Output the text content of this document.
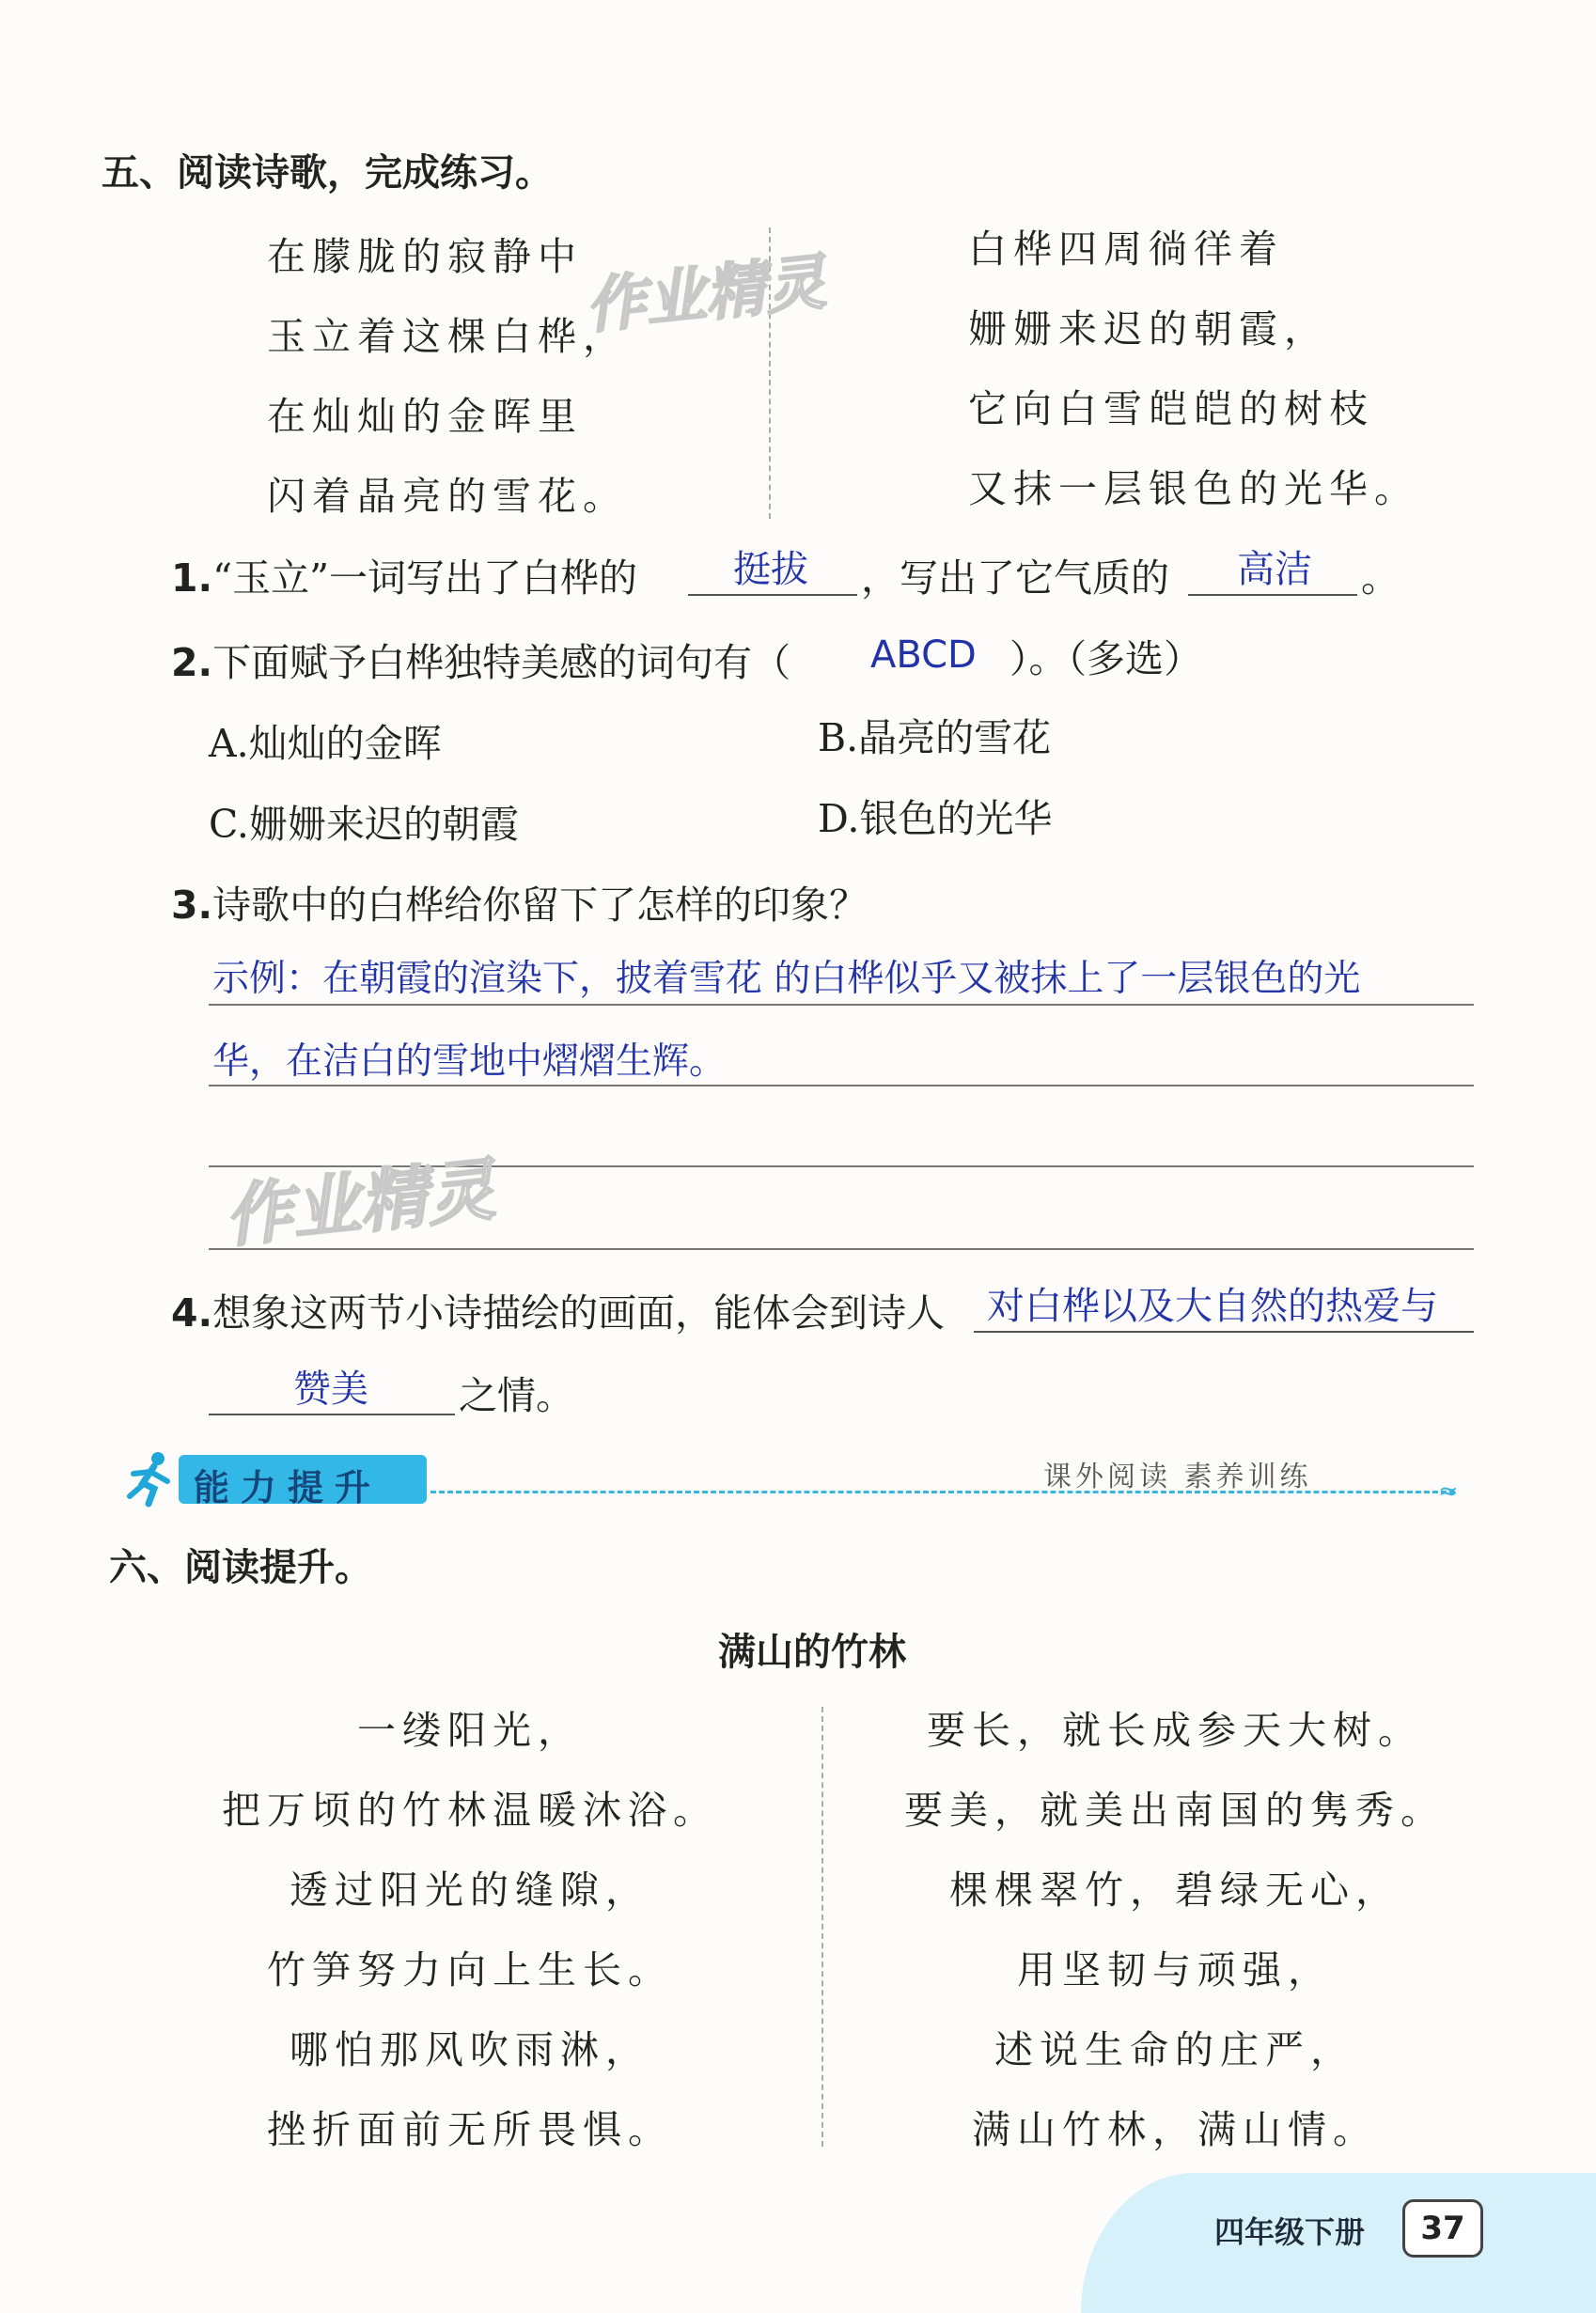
五、阅读诗歌，完成练习。
在朦胧的寂静中
玉立着这棵白桦，
在灿灿的金晖里
闪着晶亮的雪花。
白桦四周徜徉着
姗姗来迟的朝霞，
它向白雪皑皑的树枝
又抹一层银色的光华。
作业精灵
1.“玉立”一词写出了白桦的	挺拔 ，写出了它气质的 高洁 。
2.下面赋予白桦独特美感的词句有（ ABCD ）。（多选）
A.灿灿的金晖	B.晶亮的雪花
C.姗姗来迟的朝霞	D.银色的光华
3.诗歌中的白桦给你留下了怎样的印象？
示例：在朝霞的渲染下，披着雪花 的白桦似乎又被抹上了一层银色的光
华，在洁白的雪地中熠熠生辉。
作业精灵
4.想象这两节小诗描绘的画面，能体会到诗人 对白桦以及大自然的热爱与
赞美 之情。
能力提升	≈
课外阅读 素养训练
六、阅读提升。
满山的竹林
一缕阳光，
把万顷的竹林温暖沐浴。
透过阳光的缝隙，
竹笋努力向上生长。
哪怕那风吹雨淋，
挫折面前无所畏惧。
要长，就长成参天大树。
要美，就美出南国的隽秀。
棵棵翠竹，碧绿无心，
用坚韧与顽强，
述说生命的庄严，
满山竹林，满山情。
四年级下册	37
